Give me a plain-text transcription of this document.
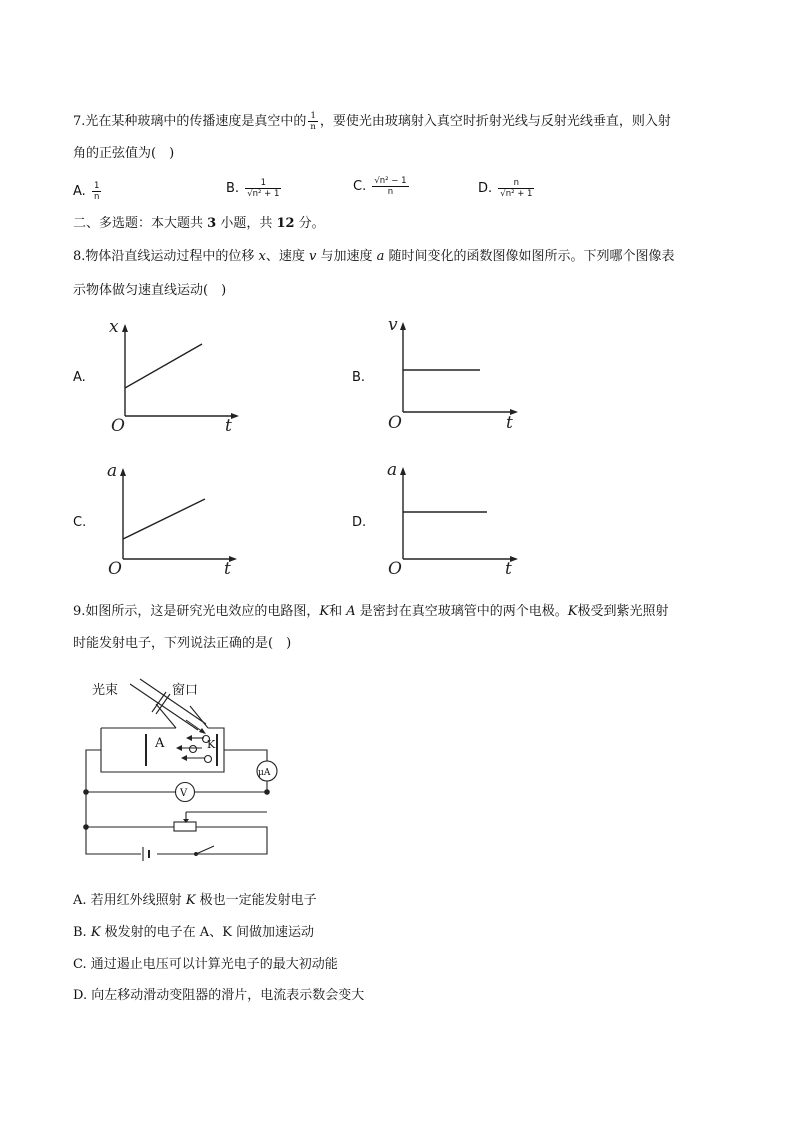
7.光在某种玻璃中的传播速度是真空中的 $\frac{1}{n}$ ，要使光由玻璃射入真空时折射光线与反射光线垂直，则入射
角的正弦值为(　)
A. $\frac{1}{n}$	B. $\frac{1}{\text{√n² + 1}}$	C. $\frac{\text{√n² − 1}}{n}$	D. $\frac{n}{\text{√n² + 1}}$
二、多选题：本大题共 3 小题，共 12 分。
8.物体沿直线运动过程中的位移 x、速度 v 与加速度 a 随时间变化的函数图像如图所示。下列哪个图像表
示物体做匀速直线运动(　)
A.
x
O	t
B.
v
O	t
C.
a
O	t
D.
a
O	t
9.如图所示，这是研究光电效应的电路图，K和 A 是密封在真空玻璃管中的两个电极。K极受到紫光照射
时能发射电子，下列说法正确的是(　)
光束	窗口
A	K
V
μA
A. 若用红外线照射 K 极也一定能发射电子
B. K 极发射的电子在 A、K 间做加速运动
C. 通过遏止电压可以计算光电子的最大初动能
D. 向左移动滑动变阻器的滑片，电流表示数会变大
